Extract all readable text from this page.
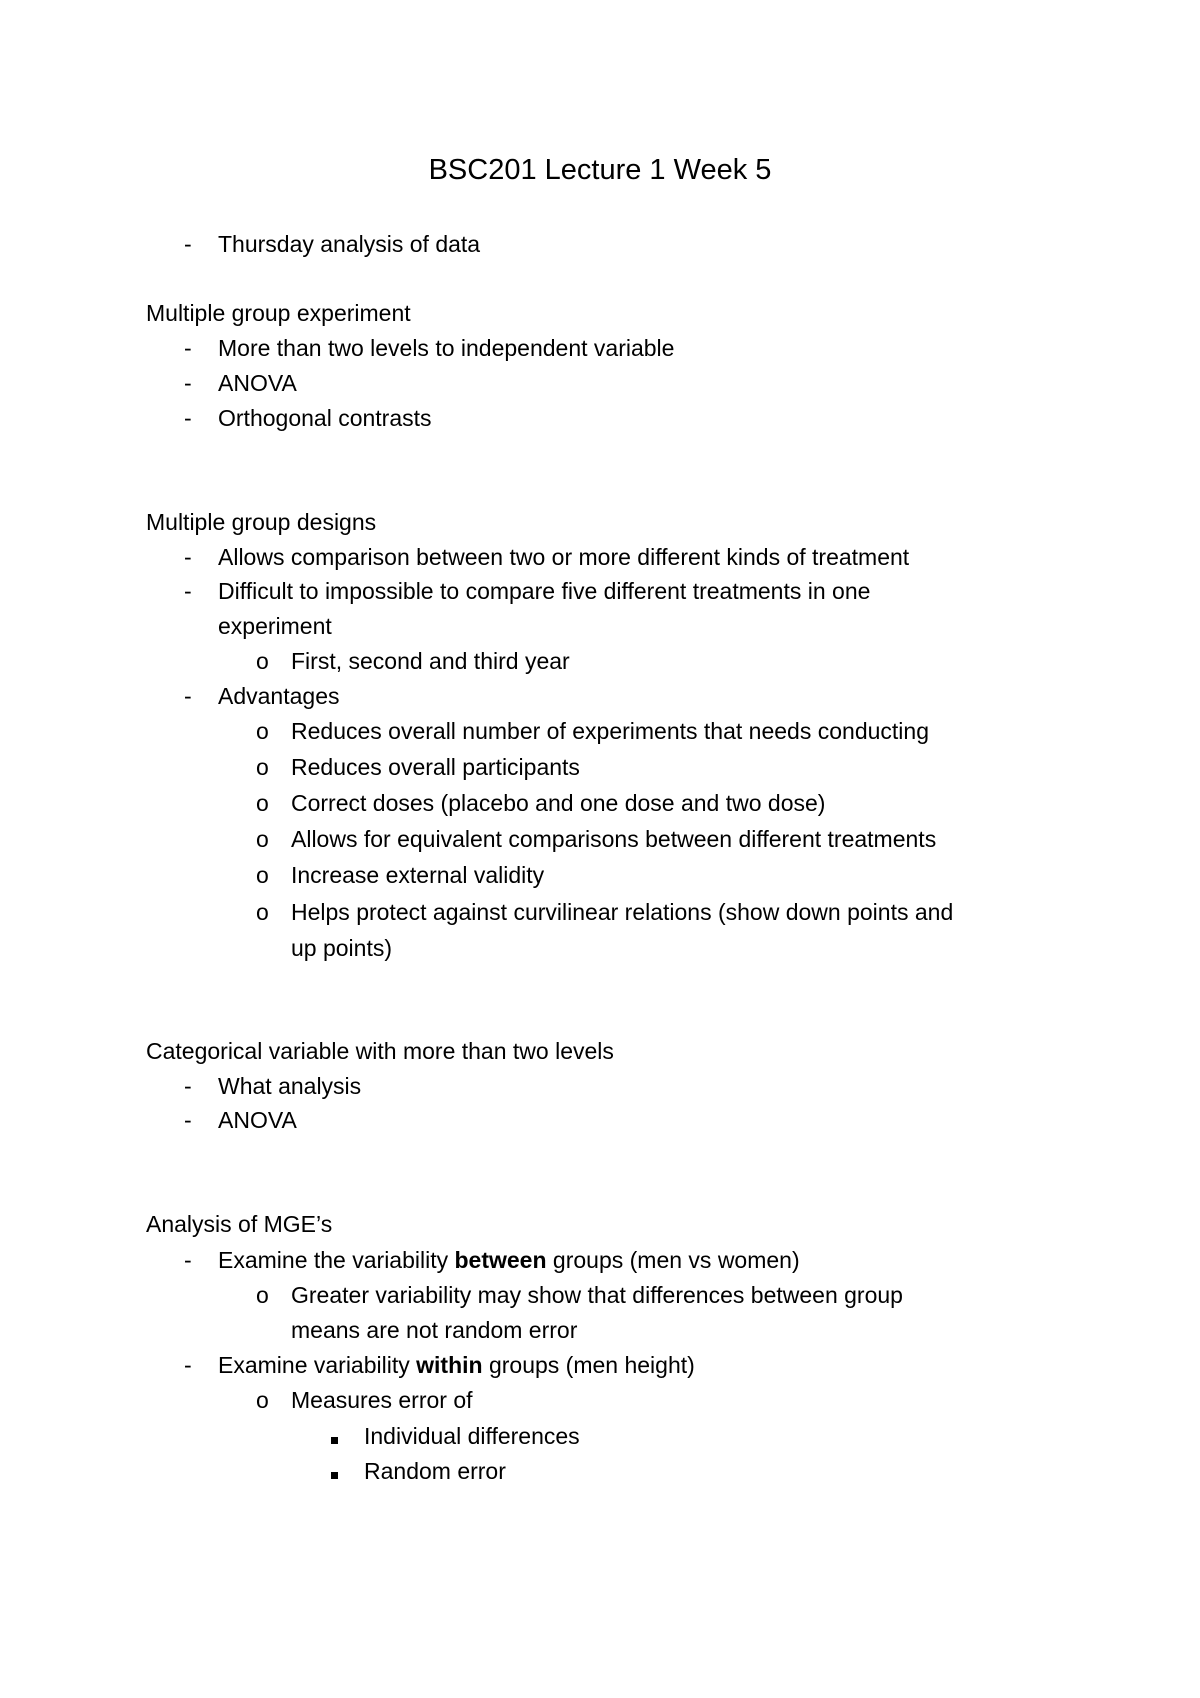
BSC201 Lecture 1 Week 5
-	Thursday analysis of data
Multiple group experiment
-	More than two levels to independent variable
-	ANOVA
-	Orthogonal contrasts
Multiple group designs
-	Allows comparison between two or more different kinds of treatment
-	Difficult to impossible to compare five different treatments in one
experiment
o First, second and third year
-	Advantages
o Reduces overall number of experiments that needs conducting
o Reduces overall participants
o Correct doses (placebo and one dose and two dose)
o Allows for equivalent comparisons between different treatments
o Increase external validity
o Helps protect against curvilinear relations (show down points and
up points)
Categorical variable with more than two levels
-	What analysis
-	ANOVA
Analysis of MGE’s
-	Examine the variability between groups (men vs women)
o Greater variability may show that differences between group
means are not random error
-	Examine variability within groups (men height)
o Measures error of
Individual differences
Random error
